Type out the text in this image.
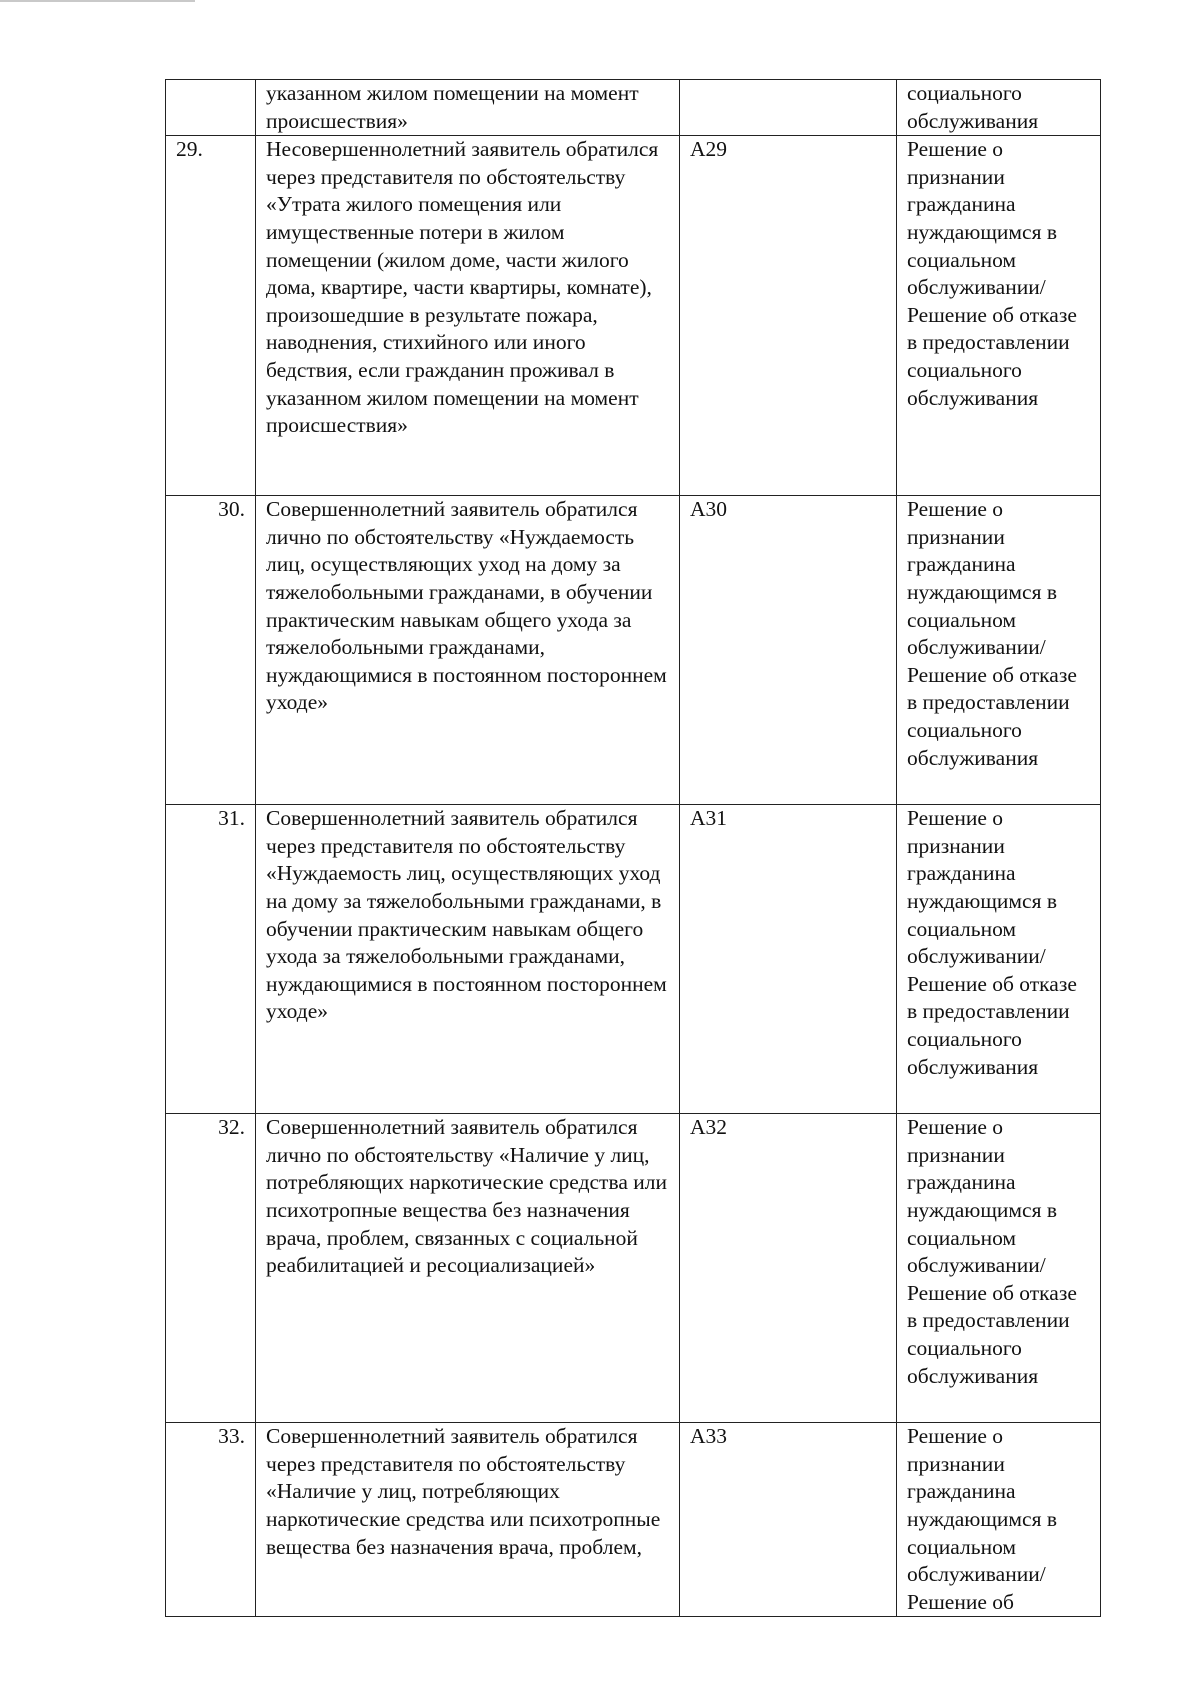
	указанном жилом помещении на момент происшествия»		социального обслуживания
29.	Несовершеннолетний заявитель обратился через представителя по обстоятельству «Утрата жилого помещения или имущественные потери в жилом помещении (жилом доме, части жилого дома, квартире, части квартиры, комнате), произошедшие в результате пожара, наводнения, стихийного или иного бедствия, если гражданин проживал в указанном жилом помещении на момент происшествия»	А29	Решение о признании гражданина нуждающимся в социальном обслуживании/ Решение об отказе в предоставлении социального обслуживания
30.	Совершеннолетний заявитель обратился лично по обстоятельству «Нуждаемость лиц, осуществляющих уход на дому за тяжелобольными гражданами, в обучении практическим навыкам общего ухода за тяжелобольными гражданами, нуждающимися в постоянном постороннем уходе»	А30	Решение о признании гражданина нуждающимся в социальном обслуживании/ Решение об отказе в предоставлении социального обслуживания
31.	Совершеннолетний заявитель обратился через представителя по обстоятельству «Нуждаемость лиц, осуществляющих уход на дому за тяжелобольными гражданами, в обучении практическим навыкам общего ухода за тяжелобольными гражданами, нуждающимися в постоянном постороннем уходе»	А31	Решение о признании гражданина нуждающимся в социальном обслуживании/ Решение об отказе в предоставлении социального обслуживания
32.	Совершеннолетний заявитель обратился лично по обстоятельству «Наличие у лиц, потребляющих наркотические средства или психотропные вещества без назначения врача, проблем, связанных с социальной реабилитацией и ресоциализацией»	А32	Решение о признании гражданина нуждающимся в социальном обслуживании/ Решение об отказе в предоставлении социального обслуживания
33.	Совершеннолетний заявитель обратился через представителя по обстоятельству «Наличие у лиц, потребляющих наркотические средства или психотропные вещества без назначения врача, проблем,	А33	Решение о признании гражданина нуждающимся в социальном обслуживании/ Решение об
